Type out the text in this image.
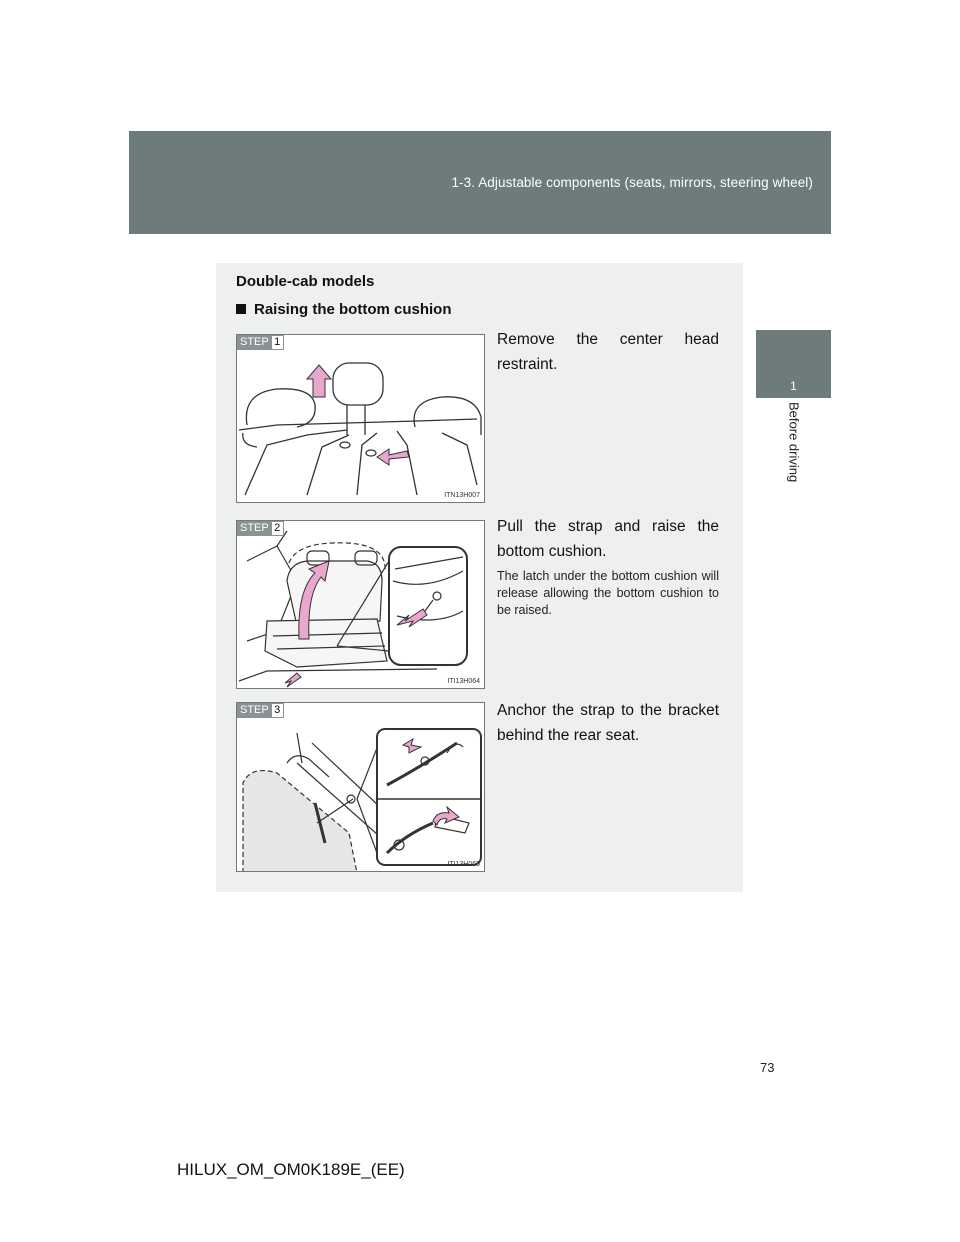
1-3. Adjustable components (seats, mirrors, steering wheel)
1
Before driving
Double-cab models
Raising the bottom cushion
STEP 1
ITN13H007
Remove the center head restraint.
STEP 2
ITI13H064
Pull the strap and raise the bottom cushion.
The latch under the bottom cushion will release allowing the bottom cushion to be raised.
STEP 3
ITI13H065
Anchor the strap to the bracket behind the rear seat.
73
HILUX_OM_OM0K189E_(EE)
